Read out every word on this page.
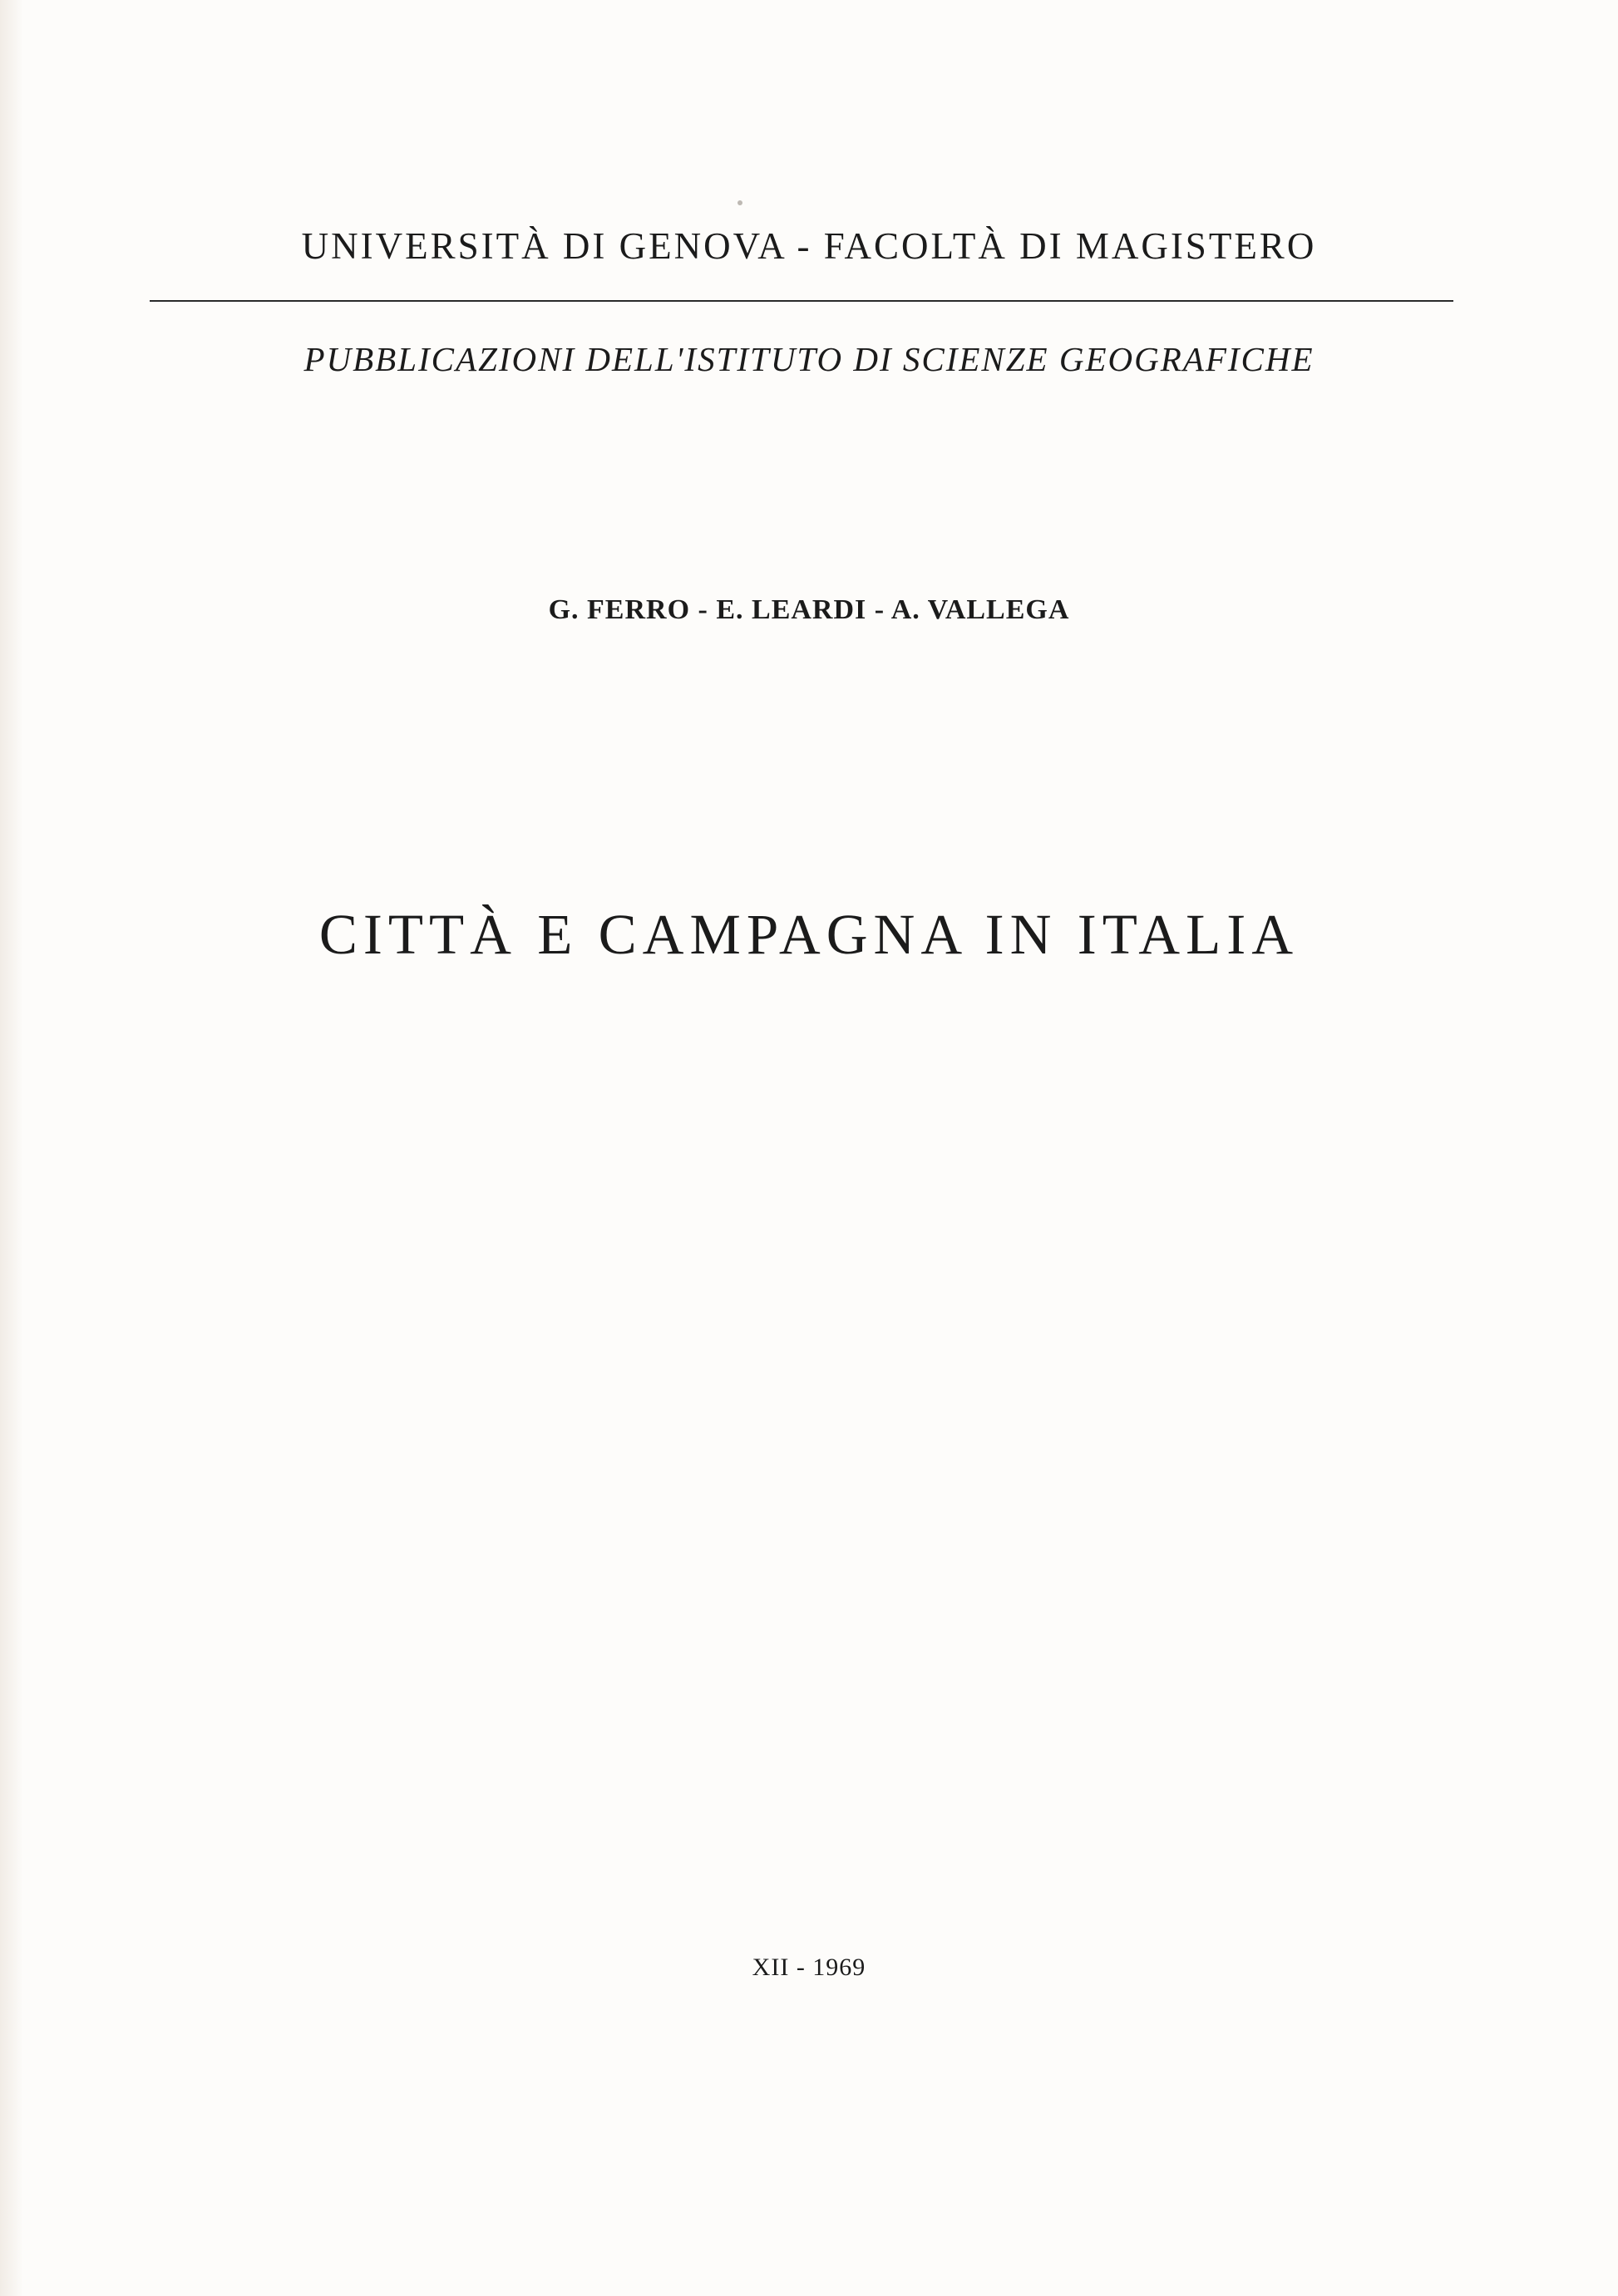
UNIVERSITÀ DI GENOVA - FACOLTÀ DI MAGISTERO
PUBBLICAZIONI DELL'ISTITUTO DI SCIENZE GEOGRAFICHE
G. FERRO - E. LEARDI - A. VALLEGA
CITTÀ E CAMPAGNA IN ITALIA
XII - 1969
